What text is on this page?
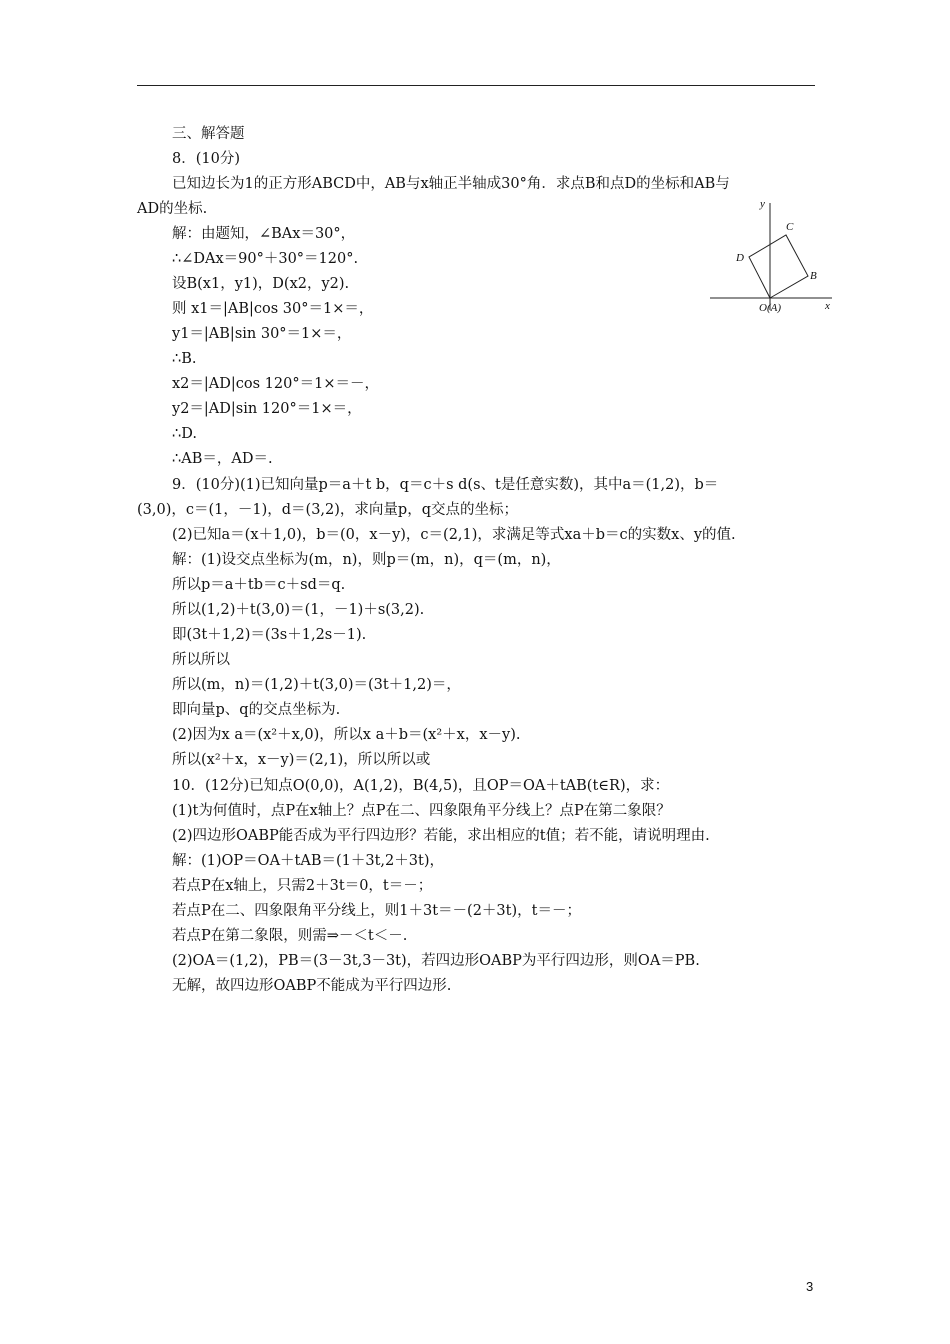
三、解答题
8．(10分)
已知边长为1的正方形ABCD中，AB与x轴正半轴成30°角．求点B和点D的坐标和AB与
AD的坐标.
解：由题知，∠BAx＝30°，
∴∠DAx＝90°＋30°＝120°.
设B(x1，y1)，D(x2，y2).
则 x1＝|AB|cos 30°＝1×＝，
y1＝|AB|sin 30°＝1×＝，
∴B.
x2＝|AD|cos 120°＝1×＝－，
y2＝|AD|sin 120°＝1×＝，
∴D.
∴AB＝，AD＝.
9．(10分)(1)已知向量p＝a＋t b，q＝c＋s d(s、t是任意实数)，其中a＝(1,2)，b＝
(3,0)，c＝(1，－1)，d＝(3,2)，求向量p，q交点的坐标；
(2)已知a＝(x＋1,0)，b＝(0，x－y)，c＝(2,1)，求满足等式xa＋b＝c的实数x、y的值.
解：(1)设交点坐标为(m，n)，则p＝(m，n)，q＝(m，n)，
所以p＝a＋tb＝c＋sd＝q.
所以(1,2)＋t(3,0)＝(1，－1)＋s(3,2).
即(3t＋1,2)＝(3s＋1,2s－1).
所以所以
所以(m，n)＝(1,2)＋t(3,0)＝(3t＋1,2)＝，
即向量p、q的交点坐标为.
(2)因为x a＝(x²＋x,0)，所以x a＋b＝(x²＋x，x－y).
所以(x²＋x，x－y)＝(2,1)，所以所以或
10．(12分)已知点O(0,0)，A(1,2)，B(4,5)，且OP＝OA＋tAB(t∈R)，求：
(1)t为何值时，点P在x轴上？点P在二、四象限角平分线上？点P在第二象限？
(2)四边形OABP能否成为平行四边形？若能，求出相应的t值；若不能，请说明理由.
解：(1)OP＝OA＋tAB＝(1＋3t,2＋3t)，
若点P在x轴上，只需2＋3t＝0，t＝－；
若点P在二、四象限角平分线上，则1＋3t＝－(2＋3t)，t＝－；
若点P在第二象限，则需⇒－＜t＜－.
(2)OA＝(1,2)，PB＝(3－3t,3－3t)，若四边形OABP为平行四边形，则OA＝PB.
无解，故四边形OABP不能成为平行四边形.
y
x
C
D
B
O(A)
3
